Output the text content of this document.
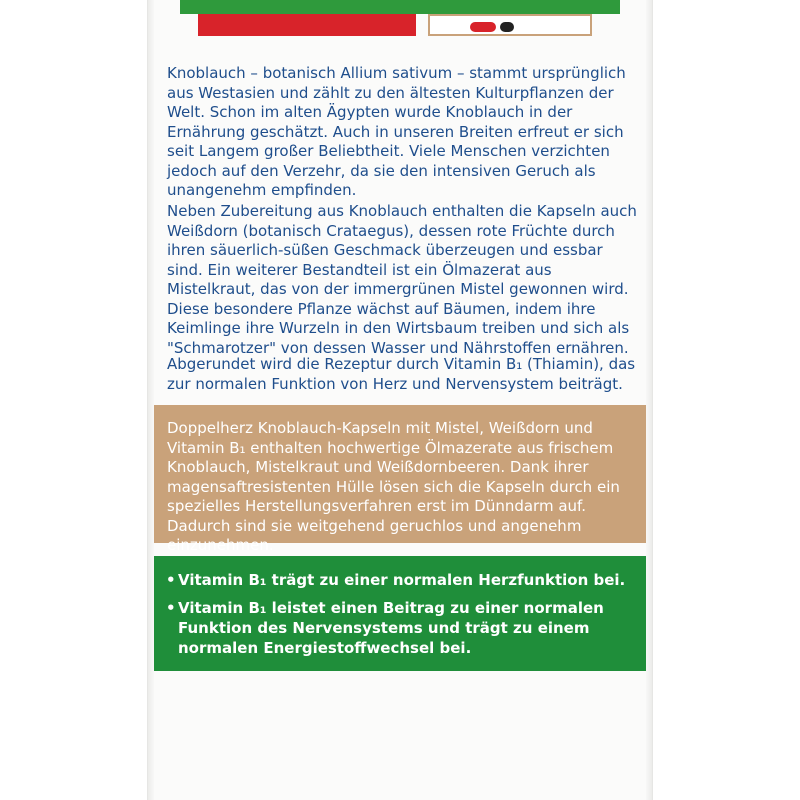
Knoblauch – botanisch Allium sativum – stammt ursprünglich aus Westasien und zählt zu den ältesten Kulturpflanzen der Welt. Schon im alten Ägypten wurde Knoblauch in der Ernährung geschätzt. Auch in unseren Breiten erfreut er sich seit Langem großer Beliebtheit. Viele Menschen verzichten jedoch auf den Verzehr, da sie den intensiven Geruch als unangenehm empfinden.

Neben Zubereitung aus Knoblauch enthalten die Kapseln auch Weißdorn (botanisch Crataegus), dessen rote Früchte durch ihren säuerlich-süßen Geschmack überzeugen und essbar sind. Ein weiterer Bestandteil ist ein Ölmazerat aus Mistelkraut, das von der immergrünen Mistel gewonnen wird. Diese besondere Pflanze wächst auf Bäumen, indem ihre Keimlinge ihre Wurzeln in den Wirtsbaum treiben und sich als "Schmarotzer" von dessen Wasser und Nährstoffen ernähren.

Abgerundet wird die Rezeptur durch Vitamin B₁ (Thiamin), das zur normalen Funktion von Herz und Nervensystem beiträgt.

Doppelherz Knoblauch-Kapseln mit Mistel, Weißdorn und Vitamin B₁ enthalten hochwertige Ölmazerate aus frischem Knoblauch, Mistelkraut und Weißdornbeeren. Dank ihrer magensaftresistenten Hülle lösen sich die Kapseln durch ein spezielles Herstellungsverfahren erst im Dünndarm auf. Dadurch sind sie weitgehend geruchlos und angenehm einzunehmen.

• Vitamin B₁ trägt zu einer normalen Herzfunktion bei.
• Vitamin B₁ leistet einen Beitrag zu einer normalen Funktion des Nervensystems und trägt zu einem normalen Energiestoffwechsel bei.
